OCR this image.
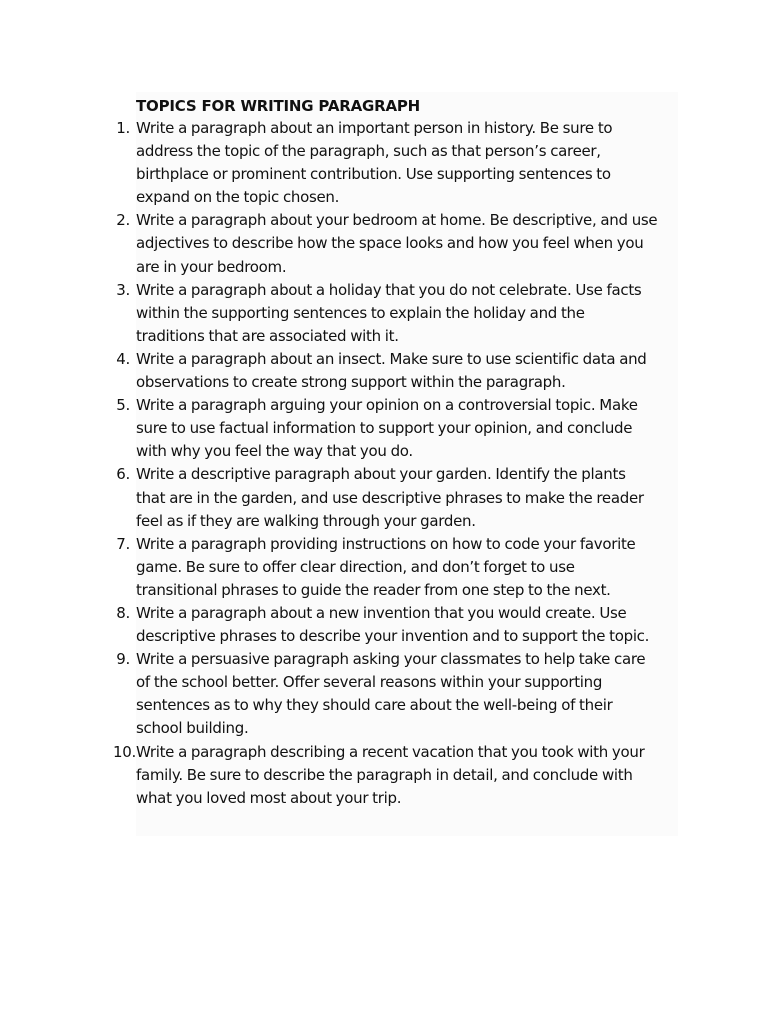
TOPICS FOR WRITING PARAGRAPH
1. Write a paragraph about an important person in history. Be sure to
address the topic of the paragraph, such as that person’s career,
birthplace or prominent contribution. Use supporting sentences to
expand on the topic chosen.
2. Write a paragraph about your bedroom at home. Be descriptive, and use
adjectives to describe how the space looks and how you feel when you
are in your bedroom.
3. Write a paragraph about a holiday that you do not celebrate. Use facts
within the supporting sentences to explain the holiday and the
traditions that are associated with it.
4. Write a paragraph about an insect. Make sure to use scientific data and
observations to create strong support within the paragraph.
5. Write a paragraph arguing your opinion on a controversial topic. Make
sure to use factual information to support your opinion, and conclude
with why you feel the way that you do.
6. Write a descriptive paragraph about your garden. Identify the plants
that are in the garden, and use descriptive phrases to make the reader
feel as if they are walking through your garden.
7. Write a paragraph providing instructions on how to code your favorite
game. Be sure to offer clear direction, and don’t forget to use
transitional phrases to guide the reader from one step to the next.
8. Write a paragraph about a new invention that you would create. Use
descriptive phrases to describe your invention and to support the topic.
9. Write a persuasive paragraph asking your classmates to help take care
of the school better. Offer several reasons within your supporting
sentences as to why they should care about the well-being of their
school building.
10. Write a paragraph describing a recent vacation that you took with your
family. Be sure to describe the paragraph in detail, and conclude with
what you loved most about your trip.
